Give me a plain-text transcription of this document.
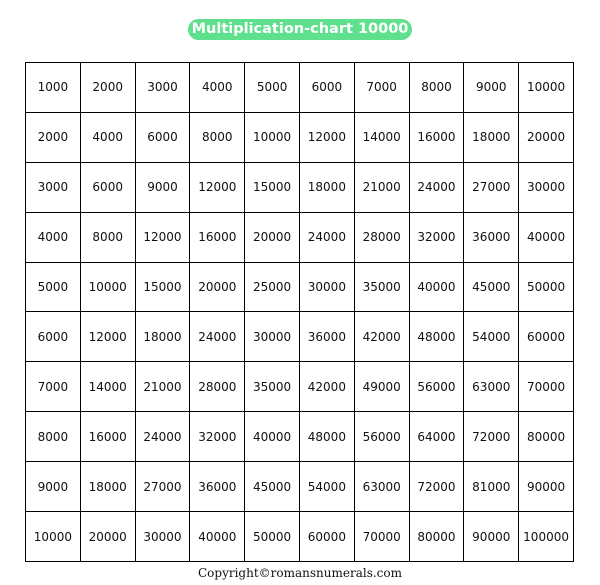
Multiplication-chart 10000
1000	2000	3000	4000	5000	6000	7000	8000	9000	10000
2000	4000	6000	8000	10000	12000	14000	16000	18000	20000
3000	6000	9000	12000	15000	18000	21000	24000	27000	30000
4000	8000	12000	16000	20000	24000	28000	32000	36000	40000
5000	10000	15000	20000	25000	30000	35000	40000	45000	50000
6000	12000	18000	24000	30000	36000	42000	48000	54000	60000
7000	14000	21000	28000	35000	42000	49000	56000	63000	70000
8000	16000	24000	32000	40000	48000	56000	64000	72000	80000
9000	18000	27000	36000	45000	54000	63000	72000	81000	90000
10000	20000	30000	40000	50000	60000	70000	80000	90000	100000
Copyright©romansnumerals.com
